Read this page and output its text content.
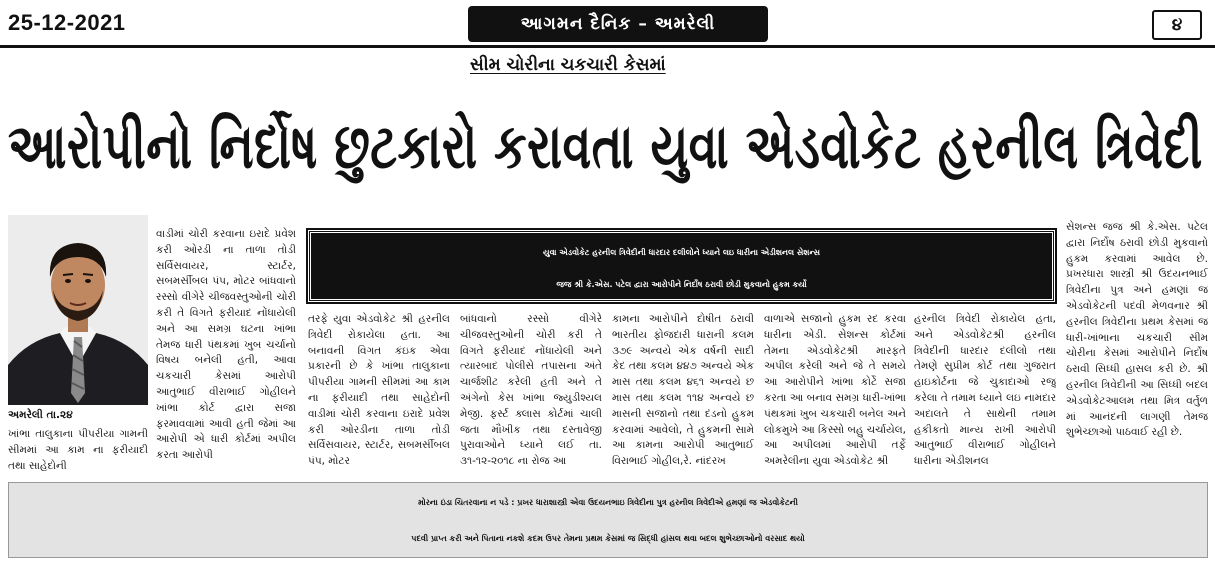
25-12-2021	આગમન દૈનિક – અમરેલી	૪
સીમ ચોરીના ચકચારી કેસમાં
આરોપીનો નિર્દોષ છુટકારો કરાવતા યુવા એડવોકેટ હરનીલ ત્રિવેદી
અમરેલી તા.૨૪

વાડીમાં ચોરી કરવાના ઇરાદે પ્રવેશ કરી ઓરડી ના તાળા તોડી સર્વિસવાયર, સ્ટાર્ટર, સબમર્સીબલ પંપ, મોટર બાંધવાનો રસ્સો વીગેરે ચીજવસ્તુઓની ચોરી કરી તે વિગતે ફરીયાદ નોંધાયેલી અને આ સમગ્ર ઘટના ખાંભા તેમજ ધારી પંથકમાં ખુબ ચર્ચાનો વિષય બનેલી હતી, આવા ચકચારી કેસમાં આરોપી આતુભાઈ વીરાભાઈ ગોહીલને ખાંભા કોર્ટ દ્વારા સજા ફરમાવવામાં આવી હતી જેમાં આ આરોપી એ ધારી કોર્ટમાં અપીલ કરતા આરોપી

ખાંભા તાલુકાના પીપરીયા ગામની સીમમાં આ કામ ના ફરીયાદી તથા સાહેદોની

યુવા એડવોકેટ હરનીલ ત્રિવેદીની ધારદાર દલીલોને ધ્યાને લઇ ધારીના એડીશનલ સેશન્સ
જજ શ્રી કે.એસ. પટેલ દ્વારા આરોપીને નિર્દોષ ઠરાવી છોડી મુકવાનો હુકમ કર્યો

તરફે યુવા એડવોકેટ શ્રી હરનીલ ત્રિવેદી રોકાયેલા હતા. આ બનાવની વિગત કંઇક એવા પ્રકારની છે કે ખાંભા તાલુકાના પીપરીયા ગામની સીમમાં આ કામ ના ફરીયાદી તથા સાહેદોની વાડીમાં ચોરી કરવાના ઇરાદે પ્રવેશ કરી ઓરડીના તાળા તોડી સર્વિસવાયર, સ્ટાર્ટર, સબમર્સીબલ પંપ, મોટર

બાંધવાનો રસ્સો વીગેરે ચીજવસ્તુઓની ચોરી કરી તે વિગતે ફરીયાદ નોંધાયેલી અને ત્યારબાદ પોલીસે તપાસના અંતે ચાર્જશીટ કરેલી હતી અને તે અંગેનો કેસ ખાંભા જ્યુડીશ્યલ મેજી. ફર્સ્ટ ક્લાસ કોર્ટમાં ચાલી જતા મૌખીક તથા દસ્તાવેજી પુરાવાઓને ધ્યાને લઈ તા. ૩૧-૧૨-૨૦૧૮ ના રોજ આ

કામના આરોપીને દોષીત ઠરાવી ભારતીય ફોજદારી ધારાની કલમ ૩૭૯ અન્વયે એક વર્ષની સાદી કેદ તથા કલમ ૪૪૭ અન્વયે એક માસ તથા કલમ ૪૬૧ અન્વયે છ માસ તથા કલમ ૧૧૪ અન્વયે છ માસની સજાનો તથા દંડનો હુકમ કરવામાં આવેલો, તે હુકમની સામે આ કામના આરોપી આતુભાઈ વિરાભાઈ ગોહીલ,રે. નાંદરખ

વાળાએ સજાનો હુકમ રદ કરવા ધારીના એડી. સેશન્સ કોર્ટમાં તેમના એડવોકેટશ્રી મારફતે અપીલ કરેલી અને જે તે સમયે આ આરોપીને ખાંભા કોર્ટે સજા કરતા આ બનાવ સમગ્ર ધારી-ખાંભા પંથકમાં ખુબ ચકચારી બનેલ અને લોકમુખે આ કિસ્સો બહુ ચર્ચાયેલ, આ અપીલમાં આરોપી તર્ફે અમરેલીના યુવા એડવોકેટ શ્રી

હરનીલ ત્રિવેદી રોકાયેલ હતા, અને એડવોકેટશ્રી હરનીલ ત્રિવેદીની ધારદાર દલીલો તથા તેમણે સુપ્રીમ કોર્ટ તથા ગુજરાત હાઇકોર્ટના જે ચુકાદાઓ રજુ કરેલા તે તમામ ધ્યાને લઇ નામદાર અદાલતે તે સાથેની તમામ હકીકતો માન્ય રાખી આરોપી આતુભાઈ વીરાભાઈ ગોહીલને ધારીના એડીશનલ

સેશન્સ જજ શ્રી કે.એસ. પટેલ દ્વારા નિર્દોષ ઠરાવી છોડી મુકવાનો હુકમ કરવામાં આવેલ છે. પ્રખરધારા શાસ્ત્રી શ્રી ઉદયનભાઈ ત્રિવેદીના પુત્ર અને હમણાં જ એડવોકેટની પદવી મેળવનાર શ્રી હરનીલ ત્રિવેદીના પ્રથમ કેસમાં જ ધારી-ખાંભાના ચકચારી સીમ ચોરીના કેસમાં આરોપીને નિર્દોષ ઠરાવી સિધ્ધી હાસલ કરી છે. શ્રી હરનીલ ત્રિવેદીની આ સિધ્ધી બદલ એડવોકેટઆલમ તથા મિત્ર વર્તુળ માં આનંદની લાગણી તેમજ શુભેચ્છાઓ પાઠવાઈ રહી છે.

મોરના ઇંડા ચિતરવાના ન પડે : પ્રખર ધારાશાસ્ત્રી એવા ઉદયનભાઇ ત્રિવેદીના પુત્ર હરનીલ ત્રિવેદીએ હમણાં જ એડવોકેટની
પદવી પ્રાપ્ત કરી અને પિતાના નકશે કદમ ઉપર તેમના પ્રથમ કેસમાં જ સિદ્ધી હાંસલ થવા બદલ શુભેચ્છાઓનો વરસાદ થયો
